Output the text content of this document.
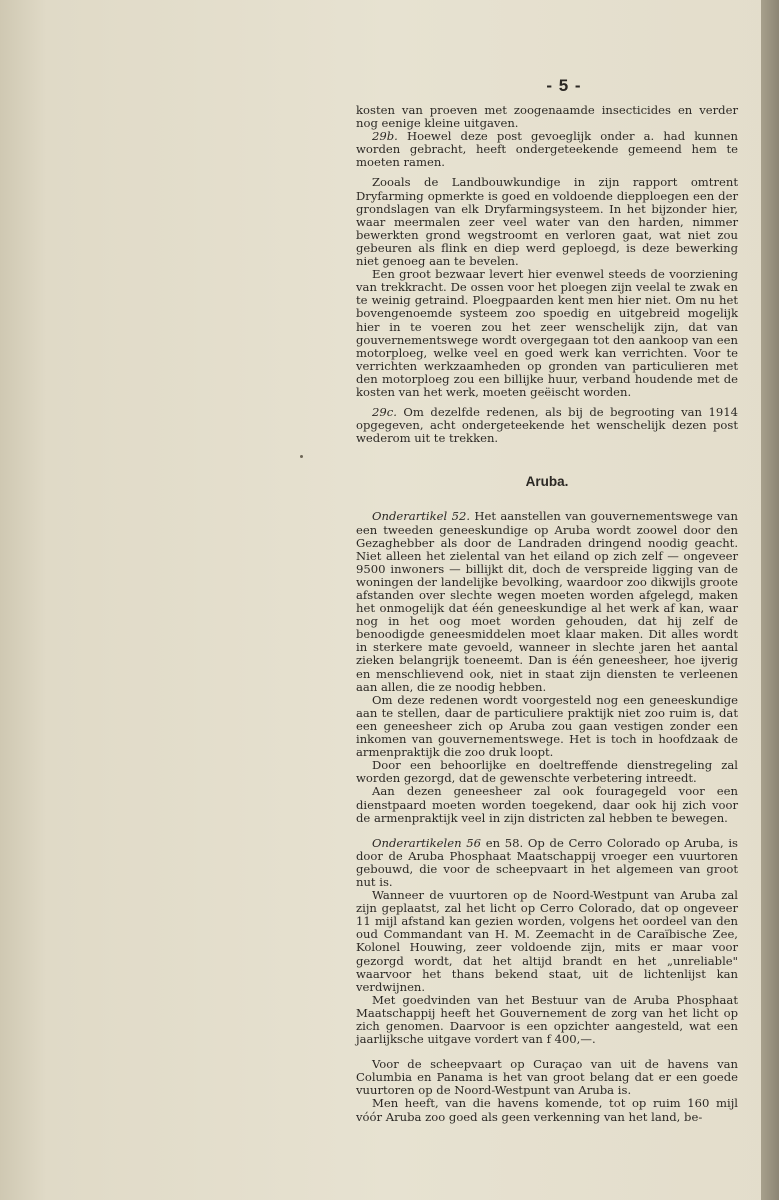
- 5 -

kosten van proeven met zoogenaamde insecticides en verder nog eenige kleine uitgaven.

29b. Hoewel deze post gevoeglijk onder a. had kunnen worden gebracht, heeft ondergeteekende gemeend hem te moeten ramen.

Zooals de Landbouwkundige in zijn rapport omtrent Dryfarming opmerkte is goed en voldoende diepploegen een der grondslagen van elk Dryfarmingsysteem. In het bijzonder hier, waar meermalen zeer veel water van den harden, nimmer bewerkten grond wegstroomt en verloren gaat, wat niet zou gebeuren als flink en diep werd geploegd, is deze bewerking niet genoeg aan te bevelen.

Een groot bezwaar levert hier evenwel steeds de voorziening van trekkracht. De ossen voor het ploegen zijn veelal te zwak en te weinig getraind. Ploegpaarden kent men hier niet. Om nu het bovengenoemde systeem zoo spoedig en uitgebreid mogelijk hier in te voeren zou het zeer wenschelijk zijn, dat van gouvernementswege wordt overgegaan tot den aankoop van een motorploeg, welke veel en goed werk kan verrichten. Voor te verrichten werkzaamheden op gronden van particulieren met den motorploeg zou een billijke huur, verband houdende met de kosten van het werk, moeten geëischt worden.

29c. Om dezelfde redenen, als bij de begrooting van 1914 opgegeven, acht ondergeteekende het wenschelijk dezen post wederom uit te trekken.

Aruba.

Onderartikel 52. Het aanstellen van gouvernementswege van een tweeden geneeskundige op Aruba wordt zoowel door den Gezaghebber als door de Landraden dringend noodig geacht. Niet alleen het zielental van het eiland op zich zelf — ongeveer 9500 inwoners — billijkt dit, doch de verspreide ligging van de woningen der landelijke bevolking, waardoor zoo dikwijls groote afstanden over slechte wegen moeten worden afgelegd, maken het onmogelijk dat één geneeskundige al het werk af kan, waar nog in het oog moet worden gehouden, dat hij zelf de benoodigde geneesmiddelen moet klaar maken. Dit alles wordt in sterkere mate gevoeld, wanneer in slechte jaren het aantal zieken belangrijk toeneemt. Dan is één geneesheer, hoe ijverig en menschlievend ook, niet in staat zijn diensten te verleenen aan allen, die ze noodig hebben.

Om deze redenen wordt voorgesteld nog een geneeskundige aan te stellen, daar de particuliere praktijk niet zoo ruim is, dat een geneesheer zich op Aruba zou gaan vestigen zonder een inkomen van gouvernementswege. Het is toch in hoofdzaak de armenpraktijk die zoo druk loopt.

Door een behoorlijke en doeltreffende dienstregeling zal worden gezorgd, dat de gewenschte verbetering intreedt.

Aan dezen geneesheer zal ook fouragegeld voor een dienstpaard moeten worden toegekend, daar ook hij zich voor de armenpraktijk veel in zijn districten zal hebben te bewegen.

Onderartikelen 56 en 58. Op de Cerro Colorado op Aruba, is door de Aruba Phosphaat Maatschappij vroeger een vuurtoren gebouwd, die voor de scheepvaart in het algemeen van groot nut is.

Wanneer de vuurtoren op de Noord-Westpunt van Aruba zal zijn geplaatst, zal het licht op Cerro Colorado, dat op ongeveer 11 mijl afstand kan gezien worden, volgens het oordeel van den oud Commandant van H. M. Zeemacht in de Caraïbische Zee, Kolonel Houwing, zeer voldoende zijn, mits er maar voor gezorgd wordt, dat het altijd brandt en het „unreliable" waarvoor het thans bekend staat, uit de lichtenlijst kan verdwijnen.

Met goedvinden van het Bestuur van de Aruba Phosphaat Maatschappij heeft het Gouvernement de zorg van het licht op zich genomen. Daarvoor is een opzichter aangesteld, wat een jaarlijksche uitgave vordert van f 400,—.

Voor de scheepvaart op Curaçao van uit de havens van Columbia en Panama is het van groot belang dat er een goede vuurtoren op de Noord-Westpunt van Aruba is.

Men heeft, van die havens komende, tot op ruim 160 mijl vóór Aruba zoo goed als geen verkenning van het land, be-
